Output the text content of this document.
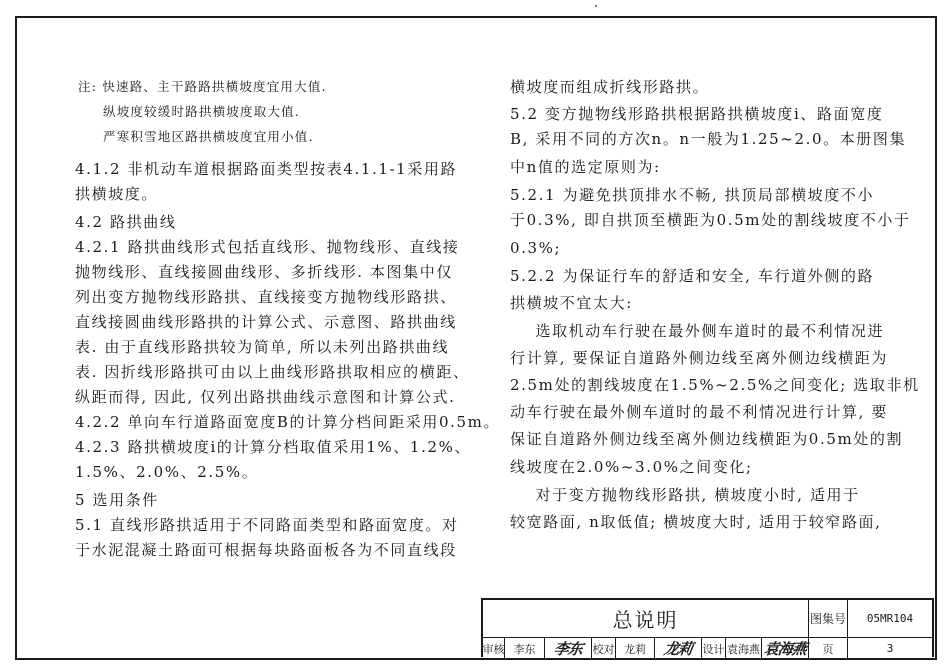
注: 快速路、主干路路拱横坡度宜用大值.
纵坡度较缓时路拱横坡度取大值.
严寒积雪地区路拱横坡度宜用小值.
4.1.2 非机动车道根据路面类型按表4.1.1-1采用路
拱横坡度。
4.2 路拱曲线
4.2.1 路拱曲线形式包括直线形、抛物线形、直线接
抛物线形、直线接圆曲线形、多折线形. 本图集中仅
列出变方抛物线形路拱、直线接变方抛物线形路拱、
直线接圆曲线形路拱的计算公式、示意图、路拱曲线
表. 由于直线形路拱较为简单, 所以未列出路拱曲线
表. 因折线形路拱可由以上曲线形路拱取相应的横距、
纵距而得, 因此, 仅列出路拱曲线示意图和计算公式.
4.2.2 单向车行道路面宽度B的计算分档间距采用0.5m。
4.2.3 路拱横坡度i的计算分档取值采用1%、1.2%、
1.5%、2.0%、2.5%。
5 选用条件
5.1 直线形路拱适用于不同路面类型和路面宽度。对
于水泥混凝土路面可根据每块路面板各为不同直线段
横坡度而组成折线形路拱。
5.2 变方抛物线形路拱根据路拱横坡度i、路面宽度
B, 采用不同的方次n。n一般为1.25~2.0。本册图集
中n值的选定原则为:
5.2.1 为避免拱顶排水不畅, 拱顶局部横坡度不小
于0.3%, 即自拱顶至横距为0.5m处的割线坡度不小于
0.3%;
5.2.2 为保证行车的舒适和安全, 车行道外侧的路
拱横坡不宜太大:
选取机动车行驶在最外侧车道时的最不利情况进
行计算, 要保证自道路外侧边线至离外侧边线横距为
2.5m处的割线坡度在1.5%~2.5%之间变化; 选取非机
动车行驶在最外侧车道时的最不利情况进行计算, 要
保证自道路外侧边线至离外侧边线横距为0.5m处的割
线坡度在2.0%~3.0%之间变化;
对于变方抛物线形路拱, 横坡度小时, 适用于
较宽路面, n取低值; 横坡度大时, 适用于较窄路面,
总说明	图集号	05MR104
审核 李东	李东 校对 龙莉	龙莉 设计 袁海燕 袁海燕	页	3
